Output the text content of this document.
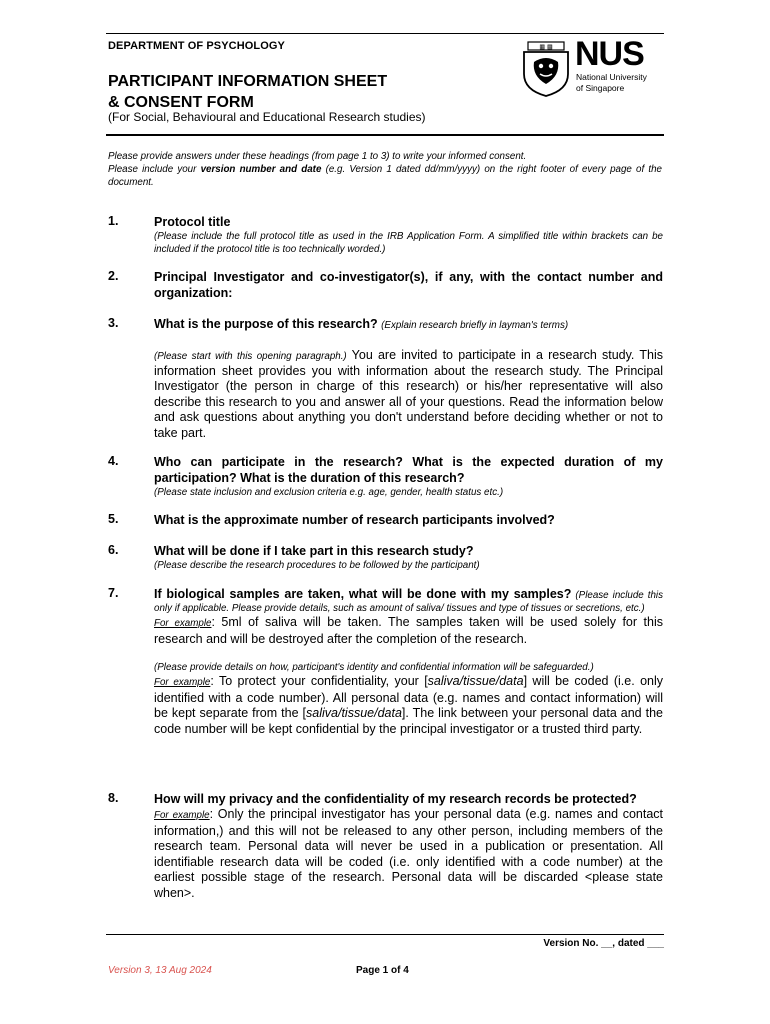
DEPARTMENT OF PSYCHOLOGY
PARTICIPANT INFORMATION SHEET
& CONSENT FORM
(For Social, Behavioural and Educational Research studies)
▦ ▦ NUS
National University
of Singapore
Please provide answers under these headings (from page 1 to 3) to write your informed consent.
Please include your version number and date (e.g. Version 1 dated dd/mm/yyyy) on the right footer of every page of the document.
1.	Protocol title
(Please include the full protocol title as used in the IRB Application Form. A simplified title within brackets can be included if the protocol title is too technically worded.)
2.	Principal Investigator and co-investigator(s), if any, with the contact number and organization:
3.	What is the purpose of this research? (Explain research briefly in layman's terms)
(Please start with this opening paragraph.) You are invited to participate in a research study. This information sheet provides you with information about the research study. The Principal Investigator (the person in charge of this research) or his/her representative will also describe this research to you and answer all of your questions. Read the information below and ask questions about anything you don't understand before deciding whether or not to take part.
4.	Who can participate in the research? What is the expected duration of my participation? What is the duration of this research?
(Please state inclusion and exclusion criteria e.g. age, gender, health status etc.)
5.	What is the approximate number of research participants involved?
6.	What will be done if I take part in this research study?
(Please describe the research procedures to be followed by the participant)
7.	If biological samples are taken, what will be done with my samples? (Please include this only if applicable. Please provide details, such as amount of saliva/ tissues and type of tissues or secretions, etc.)
For example: 5ml of saliva will be taken. The samples taken will be used solely for this research and will be destroyed after the completion of the research.
(Please provide details on how, participant's identity and confidential information will be safeguarded.)
For example: To protect your confidentiality, your [saliva/tissue/data] will be coded (i.e. only identified with a code number). All personal data (e.g. names and contact information) will be kept separate from the [saliva/tissue/data]. The link between your personal data and the code number will be kept confidential by the principal investigator or a trusted third party.
8.	How will my privacy and the confidentiality of my research records be protected?
For example: Only the principal investigator has your personal data (e.g. names and contact information,) and this will not be released to any other person, including members of the research team. Personal data will never be used in a publication or presentation. All identifiable research data will be coded (i.e. only identified with a code number) at the earliest possible stage of the research. Personal data will be discarded <please state when>.
Version No. __, dated ___
Version 3, 13 Aug 2024	Page 1 of 4
